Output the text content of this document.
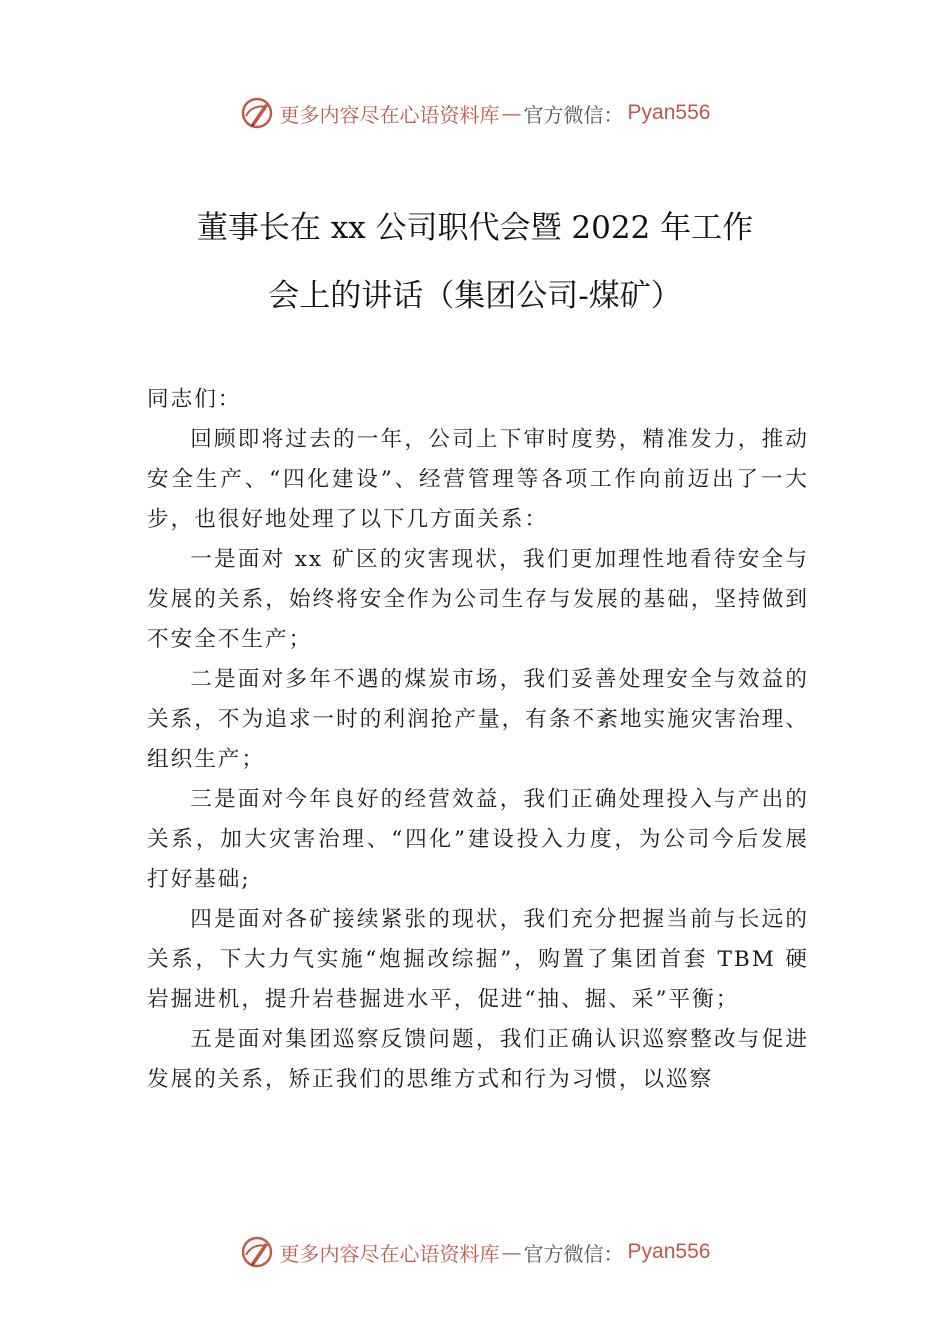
更多内容尽在心语资料库 — 官方微信： Pyan556
董事长在 xx 公司职代会暨 2022 年工作
会上的讲话（集团公司-煤矿）

同志们：

回顾即将过去的一年，公司上下审时度势，精准发力，推动安全生产、“四化建设”、经营管理等各项工作向前迈出了一大步，也很好地处理了以下几方面关系：

一是面对 xx 矿区的灾害现状，我们更加理性地看待安全与发展的关系，始终将安全作为公司生存与发展的基础，坚持做到不安全不生产；

二是面对多年不遇的煤炭市场，我们妥善处理安全与效益的关系，不为追求一时的利润抢产量，有条不紊地实施灾害治理、组织生产；

三是面对今年良好的经营效益，我们正确处理投入与产出的关系，加大灾害治理、“四化”建设投入力度，为公司今后发展打好基础;

四是面对各矿接续紧张的现状，我们充分把握当前与长远的关系，下大力气实施“炮掘改综掘”，购置了集团首套 TBM 硬岩掘进机，提升岩巷掘进水平，促进“抽、掘、采”平衡；

五是面对集团巡察反馈问题，我们正确认识巡察整改与促进发展的关系，矫正我们的思维方式和行为习惯，以巡察

更多内容尽在心语资料库 — 官方微信： Pyan556
